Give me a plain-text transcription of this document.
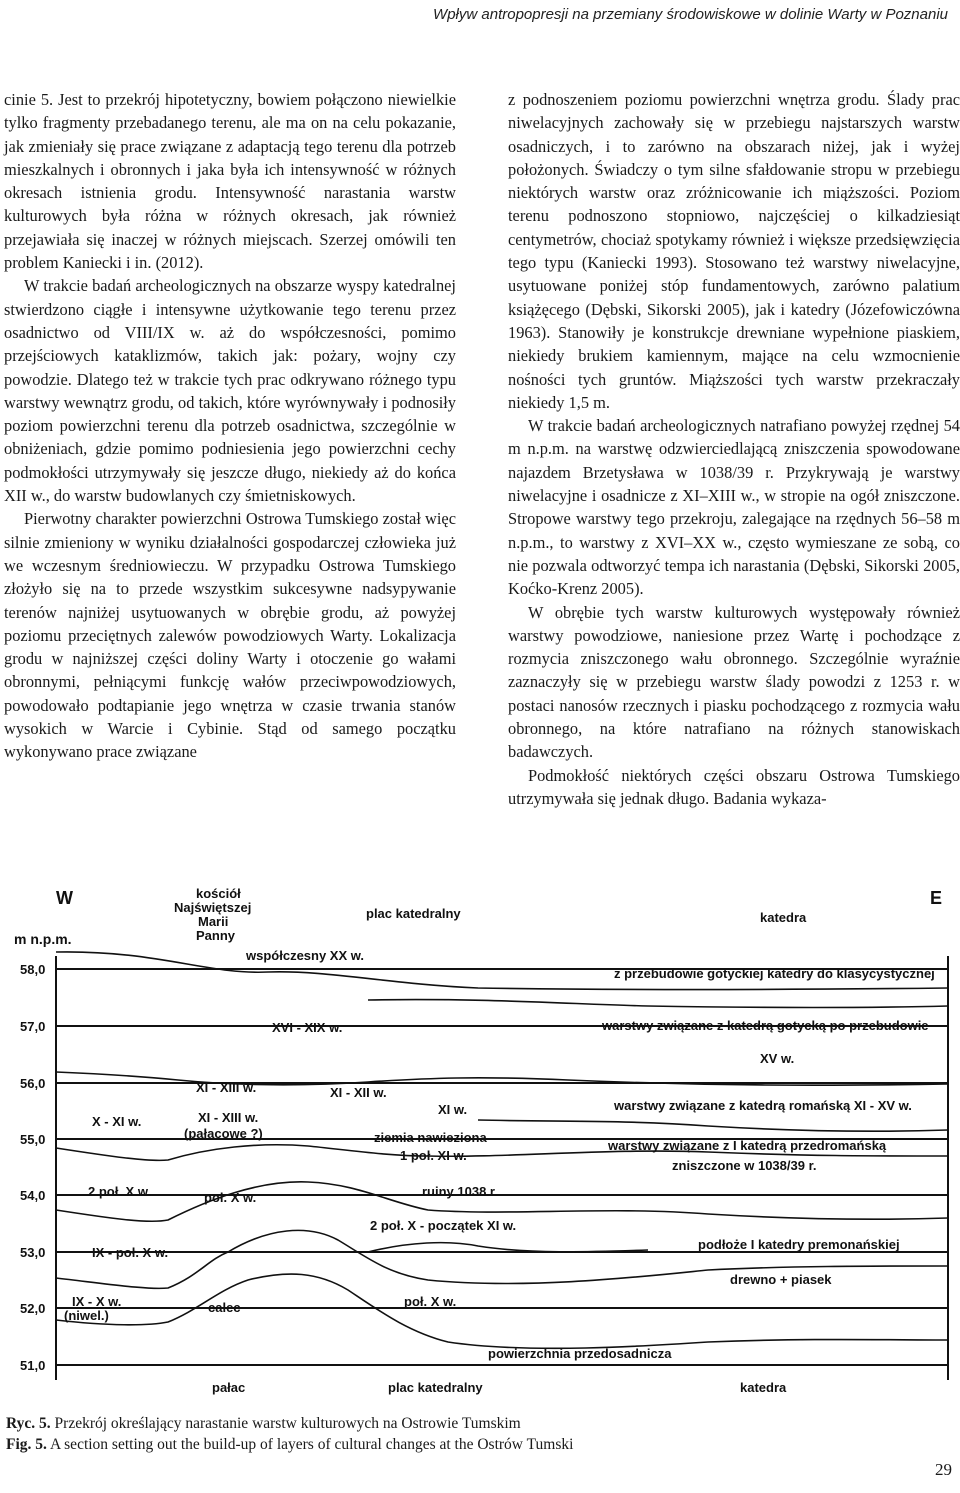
Wpływ antropopresji na przemiany środowiskowe w dolinie Warty w Poznaniu

cinie 5. Jest to przekrój hipotetyczny, bowiem połączono niewielkie tylko fragmenty przebadanego terenu, ale ma on na celu pokazanie, jak zmieniały się prace związane z adaptacją tego terenu dla potrzeb mieszkalnych i obronnych i jaka była ich intensywność w różnych okresach istnienia grodu. Intensywność narastania warstw kulturowych była różna w różnych okresach, jak również przejawiała się inaczej w różnych miejscach. Szerzej omówili ten problem Kaniecki i in. (2012).

W trakcie badań archeologicznych na obszarze wyspy katedralnej stwierdzono ciągłe i intensywne użytkowanie tego terenu przez osadnictwo od VIII/IX w. aż do współczesności, pomimo przejściowych kataklizmów, takich jak: pożary, wojny czy powodzie. Dlatego też w trakcie tych prac odkrywano różnego typu warstwy wewnątrz grodu, od takich, które wyrównywały i podnosiły poziom powierzchni terenu dla potrzeb osadnictwa, szczególnie w obniżeniach, gdzie pomimo podniesienia jego powierzchni cechy podmokłości utrzymywały się jeszcze długo, niekiedy aż do końca XII w., do warstw budowlanych czy śmietniskowych.

Pierwotny charakter powierzchni Ostrowa Tumskiego został więc silnie zmieniony w wyniku działalności gospodarczej człowieka już we wczesnym średniowieczu. W przypadku Ostrowa Tumskiego złożyło się na to przede wszystkim sukcesywne nadsypywanie terenów najniżej usytuowanych w obrębie grodu, aż powyżej poziomu przeciętnych zalewów powodziowych Warty. Lokalizacja grodu w najniższej części doliny Warty i otoczenie go wałami obronnymi, pełniącymi funkcję wałów przeciwpowodziowych, powodowało podtapianie jego wnętrza w czasie trwania stanów wysokich w Warcie i Cybinie. Stąd od samego początku wykonywano prace związane

z podnoszeniem poziomu powierzchni wnętrza grodu. Ślady prac niwelacyjnych zachowały się w przebiegu najstarszych warstw osadniczych, i to zarówno na obszarach niżej, jak i wyżej położonych. Świadczy o tym silne sfałdowanie stropu w przebiegu niektórych warstw oraz zróżnicowanie ich miąższości. Poziom terenu podnoszono stopniowo, najczęściej o kilkadziesiąt centymetrów, chociaż spotykamy również i większe przedsięwzięcia tego typu (Kaniecki 1993). Stosowano też warstwy niwelacyjne, usytuowane poniżej stóp fundamentowych, zarówno palatium książęcego (Dębski, Sikorski 2005), jak i katedry (Józefowiczówna 1963). Stanowiły je konstrukcje drewniane wypełnione piaskiem, niekiedy brukiem kamiennym, mające na celu wzmocnienie nośności tych gruntów. Miąższości tych warstw przekraczały niekiedy 1,5 m.

W trakcie badań archeologicznych natrafiano powyżej rzędnej 54 m n.p.m. na warstwę odzwierciedlającą zniszczenia spowodowane najazdem Brzetysława w 1038/39 r. Przykrywają je warstwy niwelacyjne i osadnicze z XI–XIII w., w stropie na ogół zniszczone. Stropowe warstwy tego przekroju, zalegające na rzędnych 56–58 m n.p.m., to warstwy z XVI–XX w., często wymieszane ze sobą, co nie pozwala odtworzyć tempa ich narastania (Dębski, Sikorski 2005, Koćko-Krenz 2005).

W obrębie tych warstw kulturowych występowały również warstwy powodziowe, naniesione przez Wartę i pochodzące z rozmycia zniszczonego wału obronnego. Szczególnie wyraźnie zaznaczyły się w przebiegu warstw ślady powodzi z 1253 r. w postaci nanosów rzecznych i piasku pochodzącego z rozmycia wału obronnego, na które natrafiano na różnych stanowiskach badawczych.

Podmokłość niektórych części obszaru Ostrowa Tumskiego utrzymywała się jednak długo. Badania wykaza-

W	E
m n.p.m.
58,0
57,0
56,0
55,0
54,0
53,0
52,0
51,0
kościół
Najświętszej
Marii
Panny
plac katedralny	katedra
współczesny XX w.
z przebudowie gotyckiej katedry do klasycystycznej
XVI - XIX w.	warstwy związane z katedrą gotycką po przebudowie
XV w.
XI - XIII w.	XI - XII w.
X - XI w.	XI - XIII w.
(pałacowe ?)
XI w.
ziemia nawieziona
1 poł. XI w.
warstwy związane z katedrą romańską XI - XV w.
warstwy związane z I katedrą przedromańską
zniszczone w 1038/39 r.
2 poł. X w.	poł. X w.	ruiny 1038 r.
2 poł. X - początek XI w.
IX - poł. X w.
podłoże I katedry premonańskiej
drewno + piasek
IX - X w.
(niwel.)
calec	poł. X w.
powierzchnia przedosadnicza
pałac	plac katedralny	katedra
Ryc. 5. Przekrój określający narastanie warstw kulturowych na Ostrowie Tumskim
Fig. 5. A section setting out the build-up of layers of cultural changes at the Ostrów Tumski
29
